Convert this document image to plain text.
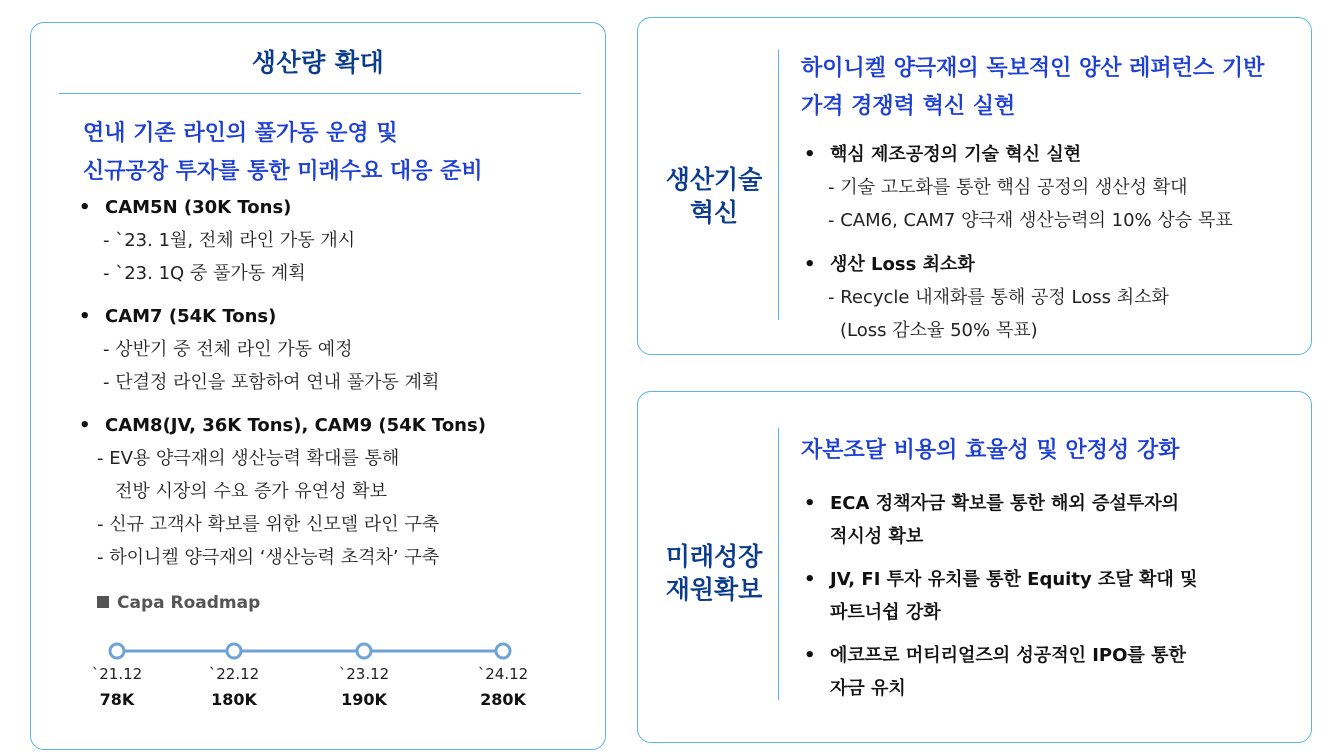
생산량 확대
연내 기존 라인의 풀가동 운영 및
신규공장 투자를 통한 미래수요 대응 준비
• CAM5N (30K Tons)
- `23. 1월, 전체 라인 가동 개시
- `23. 1Q 중 풀가동 계획
• CAM7 (54K Tons)
- 상반기 중 전체 라인 가동 예정
- 단결정 라인을 포함하여 연내 풀가동 계획
• CAM8(JV, 36K Tons), CAM9 (54K Tons)
- EV용 양극재의 생산능력 확대를 통해
전방 시장의 수요 증가 유연성 확보
- 신규 고객사 확보를 위한 신모델 라인 구축
- 하이니켈 양극재의 ‘생산능력 초격차’ 구축
Capa Roadmap
`21.12
78K
`22.12
180K
`23.12
190K
`24.12
280K
생산기술
혁신
하이니켈 양극재의 독보적인 양산 레퍼런스 기반
가격 경쟁력 혁신 실현
• 핵심 제조공정의 기술 혁신 실현
- 기술 고도화를 통한 핵심 공정의 생산성 확대
- CAM6, CAM7 양극재 생산능력의 10% 상승 목표
• 생산 Loss 최소화
- Recycle 내재화를 통해 공정 Loss 최소화
(Loss 감소율 50% 목표)
미래성장
재원확보
자본조달 비용의 효율성 및 안정성 강화
• ECA 정책자금 확보를 통한 해외 증설투자의
적시성 확보
• JV, FI 투자 유치를 통한 Equity 조달 확대 및
파트너쉽 강화
• 에코프로 머티리얼즈의 성공적인 IPO를 통한
자금 유치
